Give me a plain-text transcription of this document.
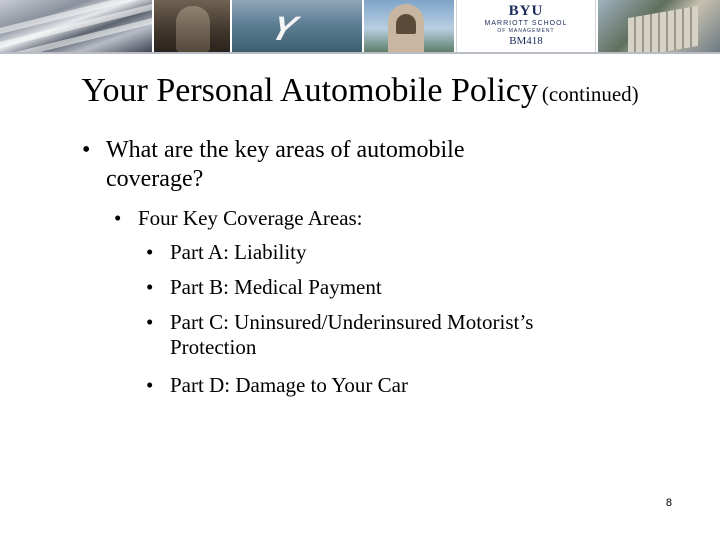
Y	BYU
MARRIOTT SCHOOL
OF MANAGEMENT
BM418
Your Personal Automobile Policy (continued)
• What are the key areas of automobile coverage?
• Four Key Coverage Areas:
• Part A: Liability
• Part B: Medical Payment
• Part C: Uninsured/Underinsured Motorist’s Protection
• Part D: Damage to Your Car
8
